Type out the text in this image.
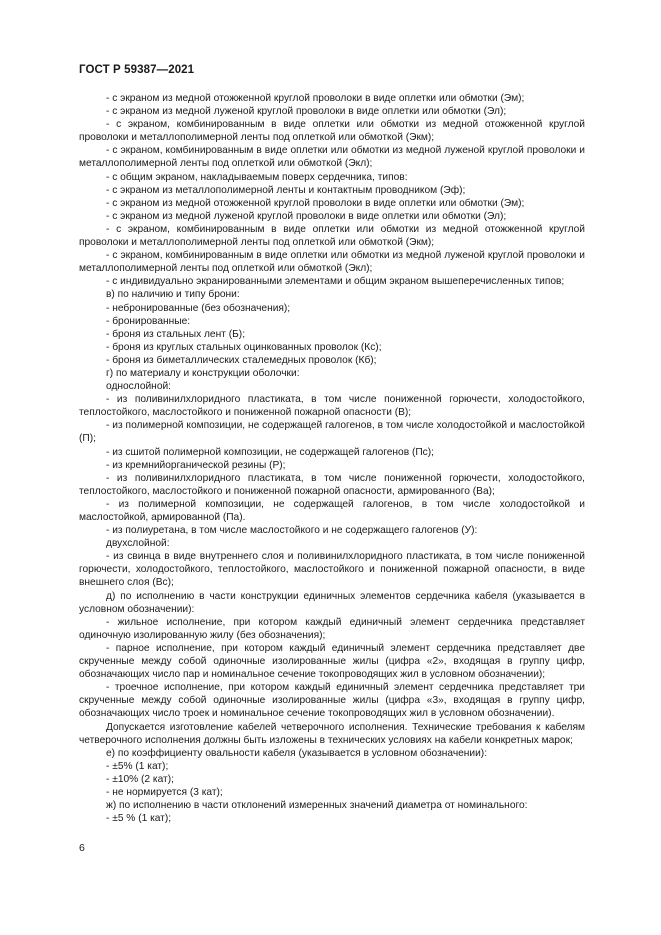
ГОСТ Р 59387—2021

- с экраном из медной отожженной круглой проволоки в виде оплетки или обмотки (Эм);

- с экраном из медной луженой круглой проволоки в виде оплетки или обмотки (Эл);

- с экраном, комбинированным в виде оплетки или обмотки из медной отожженной круглой проволоки и металлополимерной ленты под оплеткой или обмоткой (Экм);

- с экраном, комбинированным в виде оплетки или обмотки из медной луженой круглой проволоки и металлополимерной ленты под оплеткой или обмоткой (Экл);

- с общим экраном, накладываемым поверх сердечника, типов:

- с экраном из металлополимерной ленты и контактным проводником (Эф);

- с экраном из медной отожженной круглой проволоки в виде оплетки или обмотки (Эм);

- с экраном из медной луженой круглой проволоки в виде оплетки или обмотки (Эл);

- с экраном, комбинированным в виде оплетки или обмотки из медной отожженной круглой проволоки и металлополимерной ленты под оплеткой или обмоткой (Экм);

- с экраном, комбинированным в виде оплетки или обмотки из медной луженой круглой проволоки и металлополимерной ленты под оплеткой или обмоткой (Экл);

- с индивидуально экранированными элементами и общим экраном вышеперечисленных типов;

в) по наличию и типу брони:

- небронированные (без обозначения);

- бронированные:

- броня из стальных лент (Б);

- броня из круглых стальных оцинкованных проволок (Кс);

- броня из биметаллических сталемедных проволок (Кб);

г) по материалу и конструкции оболочки:

однослойной:

- из поливинилхлоридного пластиката, в том числе пониженной горючести, холодостойкого, теплостойкого, маслостойкого и пониженной пожарной опасности (В);

- из полимерной композиции, не содержащей галогенов, в том числе холодостойкой и маслостойкой (П);

- из сшитой полимерной композиции, не содержащей галогенов (Пс);

- из кремнийорганической резины (Р);

- из поливинилхлоридного пластиката, в том числе пониженной горючести, холодостойкого, теплостойкого, маслостойкого и пониженной пожарной опасности, армированного (Ва);

- из полимерной композиции, не содержащей галогенов, в том числе холодостойкой и маслостойкой, армированной (Па).

- из полиуретана, в том числе маслостойкого и не содержащего галогенов (У):

двухслойной:

- из свинца в виде внутреннего слоя и поливинилхлоридного пластиката, в том числе пониженной горючести, холодостойкого, теплостойкого, маслостойкого и пониженной пожарной опасности, в виде внешнего слоя (Вс);

д) по исполнению в части конструкции единичных элементов сердечника кабеля (указывается в условном обозначении):

- жильное исполнение, при котором каждый единичный элемент сердечника представляет одиночную изолированную жилу (без обозначения);

- парное исполнение, при котором каждый единичный элемент сердечника представляет две скрученные между собой одиночные изолированные жилы (цифра «2», входящая в группу цифр, обозначающих число пар и номинальное сечение токопроводящих жил в условном обозначении);

- троечное исполнение, при котором каждый единичный элемент сердечника представляет три скрученные между собой одиночные изолированные жилы (цифра «3», входящая в группу цифр, обозначающих число троек и номинальное сечение токопроводящих жил в условном обозначении).

Допускается изготовление кабелей четверочного исполнения. Технические требования к кабелям четверочного исполнения должны быть изложены в технических условиях на кабели конкретных марок;

е) по коэффициенту овальности кабеля (указывается в условном обозначении):

- ±5% (1 кат);

- ±10% (2 кат);

- не нормируется (3 кат);

ж) по исполнению в части отклонений измеренных значений диаметра от номинального:

- ±5 % (1 кат);

6
